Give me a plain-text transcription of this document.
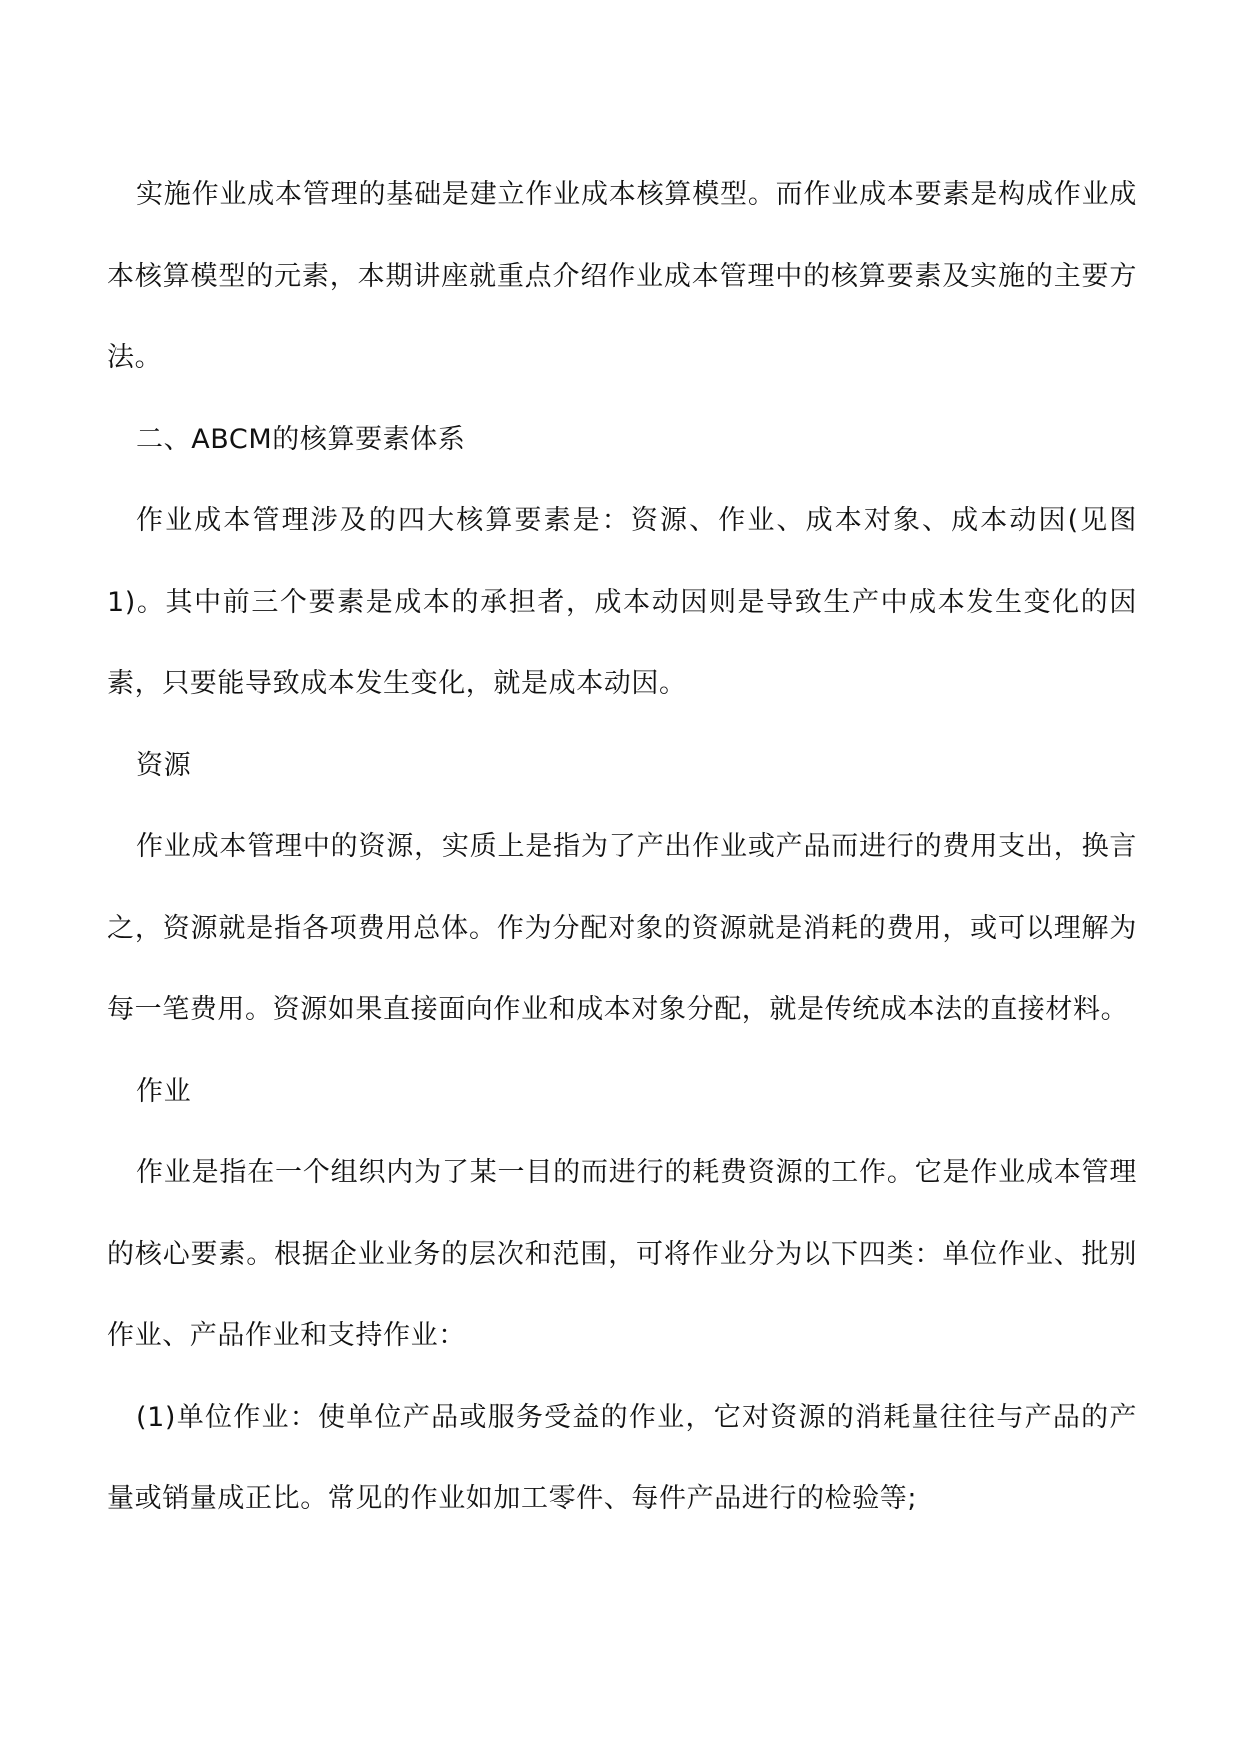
实施作业成本管理的基础是建立作业成本核算模型。而作业成本要素是构成作业成本核算模型的元素，本期讲座就重点介绍作业成本管理中的核算要素及实施的主要方法。

二、ABCM的核算要素体系

作业成本管理涉及的四大核算要素是：资源、作业、成本对象、成本动因(见图1)。其中前三个要素是成本的承担者，成本动因则是导致生产中成本发生变化的因素，只要能导致成本发生变化，就是成本动因。

资源

作业成本管理中的资源，实质上是指为了产出作业或产品而进行的费用支出，换言之，资源就是指各项费用总体。作为分配对象的资源就是消耗的费用，或可以理解为每一笔费用。资源如果直接面向作业和成本对象分配，就是传统成本法的直接材料。

作业

作业是指在一个组织内为了某一目的而进行的耗费资源的工作。它是作业成本管理的核心要素。根据企业业务的层次和范围，可将作业分为以下四类：单位作业、批别作业、产品作业和支持作业：

(1)单位作业：使单位产品或服务受益的作业，它对资源的消耗量往往与产品的产量或销量成正比。常见的作业如加工零件、每件产品进行的检验等;
